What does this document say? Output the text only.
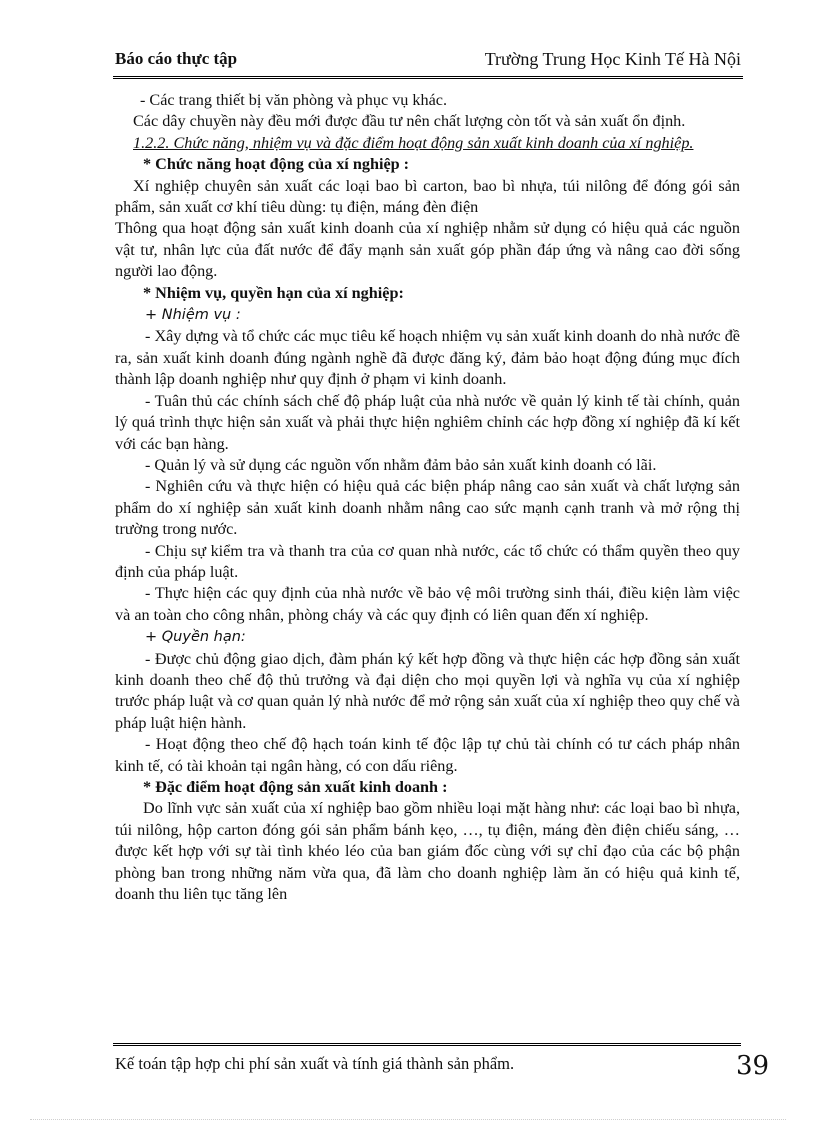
Báo cáo thực tập	Trường Trung Học Kinh Tế Hà Nội

- Các trang thiết bị văn phòng và phục vụ khác.

Các dây chuyền này đều mới được đầu tư nên chất lượng còn tốt và sản xuất ổn định.

1.2.2. Chức năng, nhiệm vụ và đặc điểm hoạt động sản xuất kinh doanh của xí nghiệp.

* Chức năng hoạt động của xí nghiệp :

Xí nghiệp chuyên sản xuất các loại bao bì carton, bao bì nhựa, túi nilông để đóng gói sản phẩm, sản xuất cơ khí tiêu dùng: tụ điện, máng đèn điện

Thông qua hoạt động sản xuất kinh doanh của xí nghiệp nhằm sử dụng có hiệu quả các nguồn vật tư, nhân lực của đất nước để đẩy mạnh sản xuất góp phần đáp ứng và nâng cao đời sống người lao động.

* Nhiệm vụ, quyền hạn của xí nghiệp:

+ Nhiệm vụ :

- Xây dựng và tổ chức các mục tiêu kế hoạch nhiệm vụ sản xuất kinh doanh do nhà nước đề ra, sản xuất kinh doanh đúng ngành nghề đã được đăng ký, đảm bảo hoạt động đúng mục đích thành lập doanh nghiệp như quy định ở phạm vi kinh doanh.

- Tuân thủ các chính sách chế độ pháp luật của nhà nước về quản lý kinh tế tài chính, quản lý quá trình thực hiện sản xuất và phải thực hiện nghiêm chỉnh các hợp đồng xí nghiệp đã kí kết với các bạn hàng.

- Quản lý và sử dụng các nguồn vốn nhằm đảm bảo sản xuất kinh doanh có lãi.

- Nghiên cứu và thực hiện có hiệu quả các biện pháp nâng cao sản xuất và chất lượng sản phẩm do xí nghiệp sản xuất kinh doanh nhằm nâng cao sức mạnh cạnh tranh và mở rộng thị trường trong nước.

- Chịu sự kiểm tra và thanh tra của cơ quan nhà nước, các tổ chức có thẩm quyền theo quy định của pháp luật.

- Thực hiện các quy định của nhà nước về bảo vệ môi trường sinh thái, điều kiện làm việc và an toàn cho công nhân, phòng cháy và các quy định có liên quan đến xí nghiệp.

+ Quyền hạn:

- Được chủ động giao dịch, đàm phán ký kết hợp đồng và thực hiện các hợp đồng sản xuất kinh doanh theo chế độ thủ trưởng và đại diện cho mọi quyền lợi và nghĩa vụ của xí nghiệp trước pháp luật và cơ quan quản lý nhà nước để mở rộng sản xuất của xí nghiệp theo quy chế và pháp luật hiện hành.

- Hoạt động theo chế độ hạch toán kinh tế độc lập tự chủ tài chính có tư cách pháp nhân kinh tế, có tài khoản tại ngân hàng, có con dấu riêng.

* Đặc điểm hoạt động sản xuất kinh doanh :

Do lĩnh vực sản xuất của xí nghiệp bao gồm nhiều loại mặt hàng như: các loại bao bì nhựa, túi nilông, hộp carton đóng gói sản phẩm bánh kẹo, …, tụ điện, máng đèn điện chiếu sáng, …được kết hợp với sự tài tình khéo léo của ban giám đốc cùng với sự chỉ đạo của các bộ phận phòng ban trong những năm vừa qua, đã làm cho doanh nghiệp làm ăn có hiệu quả kinh tế, doanh thu liên tục tăng lên

Kế toán tập hợp chi phí sản xuất và tính giá thành sản phẩm.	39
